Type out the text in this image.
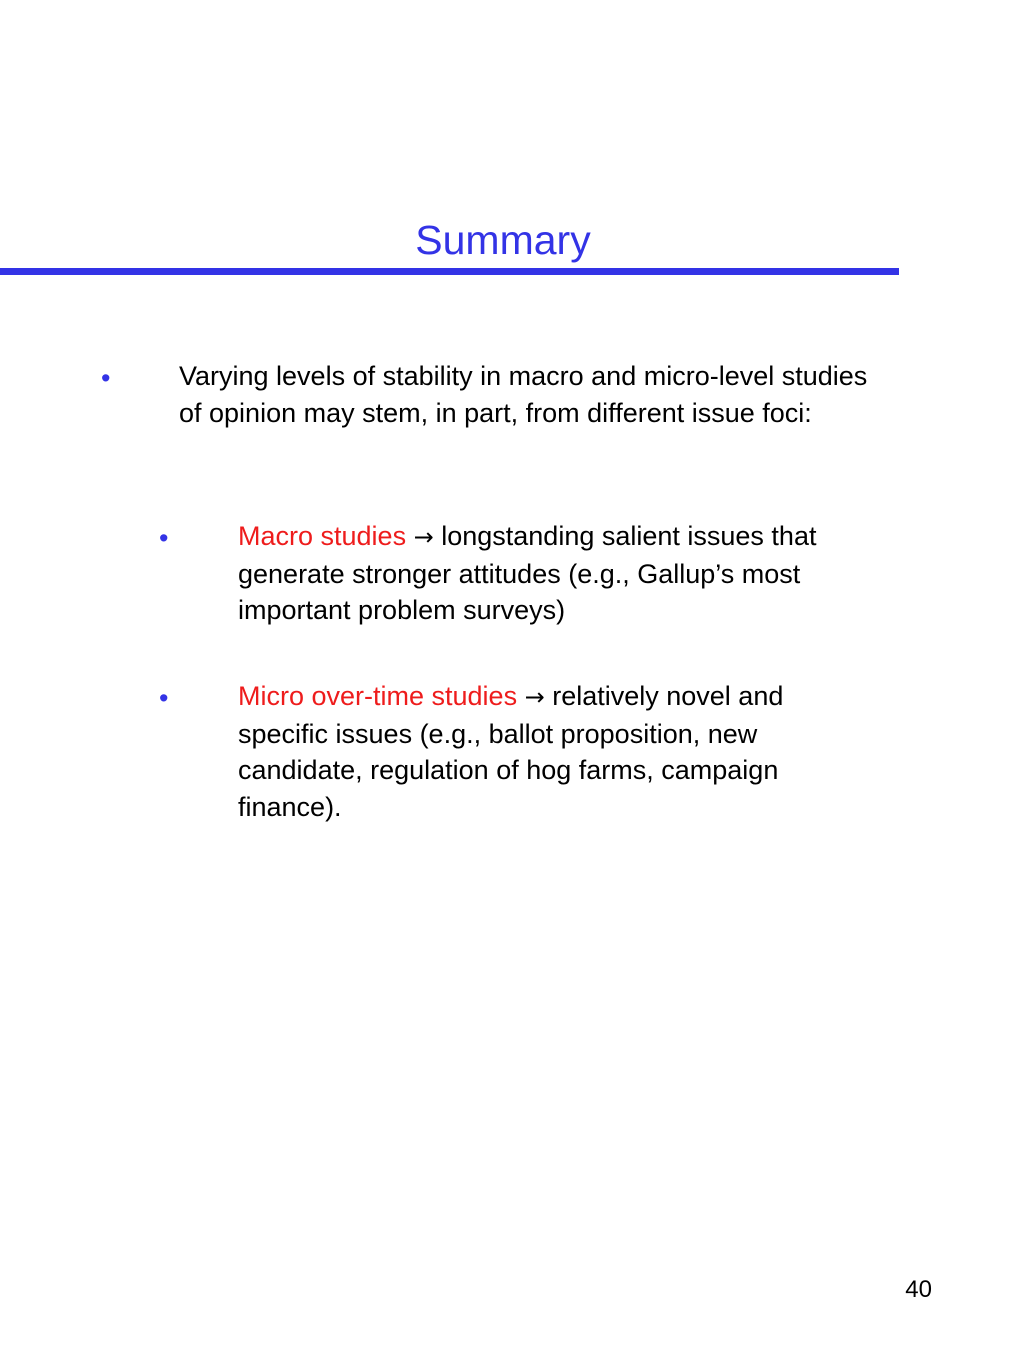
Summary
•	Varying levels of stability in macro and micro-level studies of opinion may stem, in part, from different issue foci:
•	Macro studies → longstanding salient issues that generate stronger attitudes (e.g., Gallup’s most important problem surveys)
•	Micro over-time studies → relatively novel and specific issues (e.g., ballot proposition, new candidate, regulation of hog farms, campaign finance).
40
